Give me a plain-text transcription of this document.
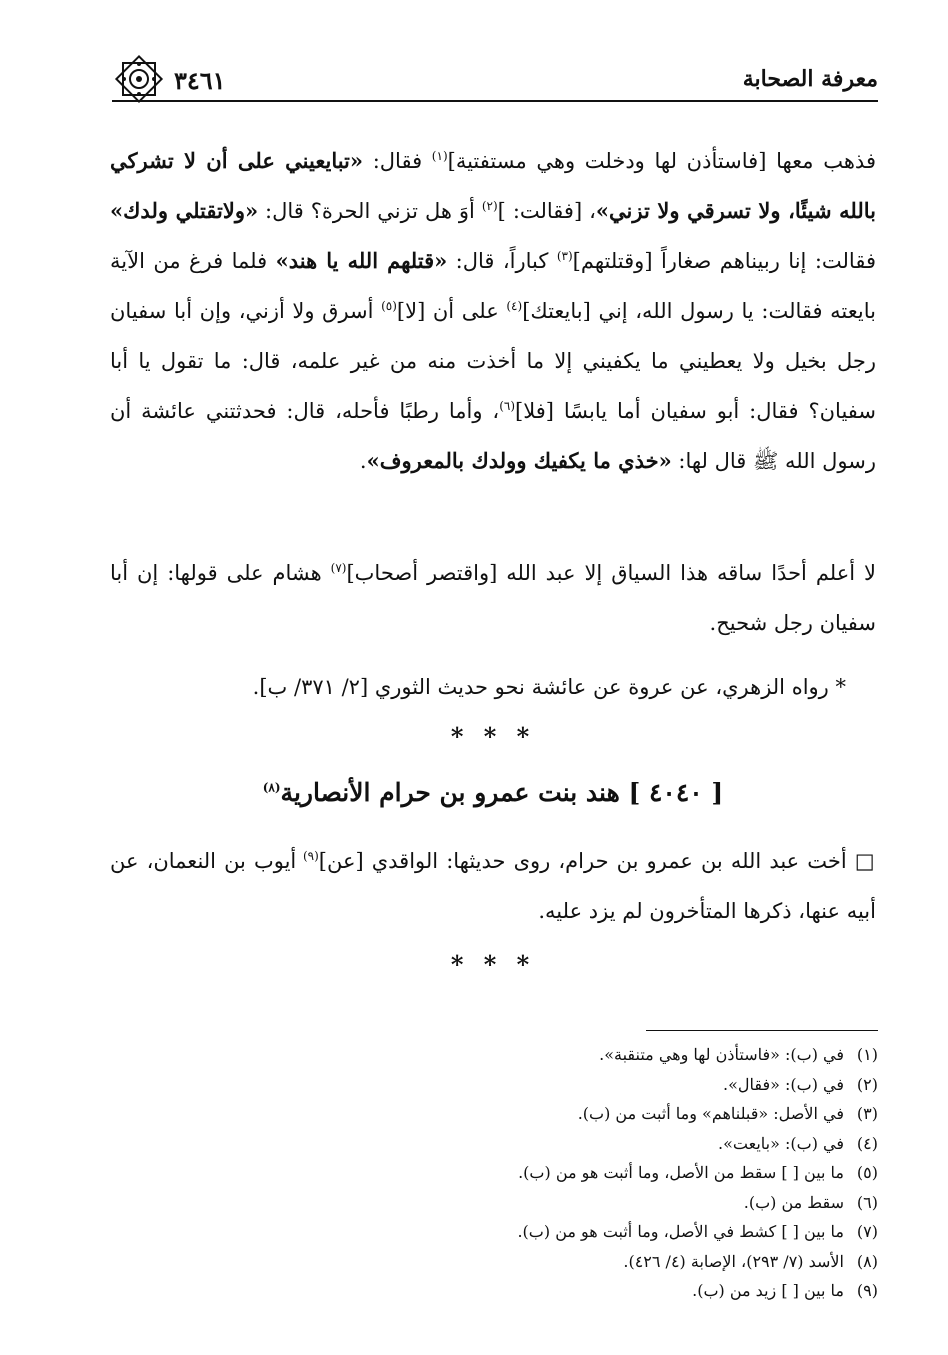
٣٤٦١	معرفة الصحابة
فذهب معها [فاستأذن لها ودخلت وهي مستفتية]$^{(١)}$ فقال: «تبايعيني على أن لا تشركي بالله شيئًا، ولا تسرقي ولا تزني»، [فقالت: ]$^{(٢)}$ أوَ هل تزني الحرة؟ قال: «ولاتقتلي ولدك» فقالت: إنا ربيناهم صغاراً [وقتلتهم]$^{(٣)}$ كباراً، قال: «قتلهم الله يا هند» فلما فرغ من الآية بايعته فقالت: يا رسول الله، إني [بايعتك]$^{(٤)}$ على أن [لا]$^{(٥)}$ أسرق ولا أزني، وإن أبا سفيان رجل بخيل ولا يعطيني ما يكفيني إلا ما أخذت منه من غير علمه، قال: ما تقول يا أبا سفيان؟ فقال: أبو سفيان أما يابسًا [فلا]$^{(٦)}$، وأما رطبًا فأحله، قال: فحدثتني عائشة أن رسول الله ﷺ قال لها: «خذي ما يكفيك وولدك بالمعروف».
لا أعلم أحدًا ساقه هذا السياق إلا عبد الله [واقتصر أصحاب]$^{(٧)}$ هشام على قولها: إن أبا سفيان رجل شحيح.
* رواه الزهري، عن عروة عن عائشة نحو حديث الثوري [٢/ ٣٧١/ ب].
* * *
[ ٤٠٤٠ ] هند بنت عمرو بن حرام الأنصارية$^{(٨)}$
□ أخت عبد الله بن عمرو بن حرام، روى حديثها: الواقدي [عن]$^{(٩)}$ أيوب بن النعمان، عن أبيه عنها، ذكرها المتأخرون لم يزد عليه.
* * *
(١)في (ب): «فاستأذن لها وهي متنقبة».
(٢)في (ب): «فقال».
(٣)في الأصل: «قبلناهم» وما أثبت من (ب).
(٤)في (ب): «بايعت».
(٥)ما بين [ ] سقط من الأصل، وما أثبت هو من (ب).
(٦)سقط من (ب).
(٧)ما بين [ ] كشط في الأصل، وما أثبت هو من (ب).
(٨)الأسد (٧/ ٢٩٣)، الإصابة (٤/ ٤٢٦).
(٩)ما بين [ ] زيد من (ب).
